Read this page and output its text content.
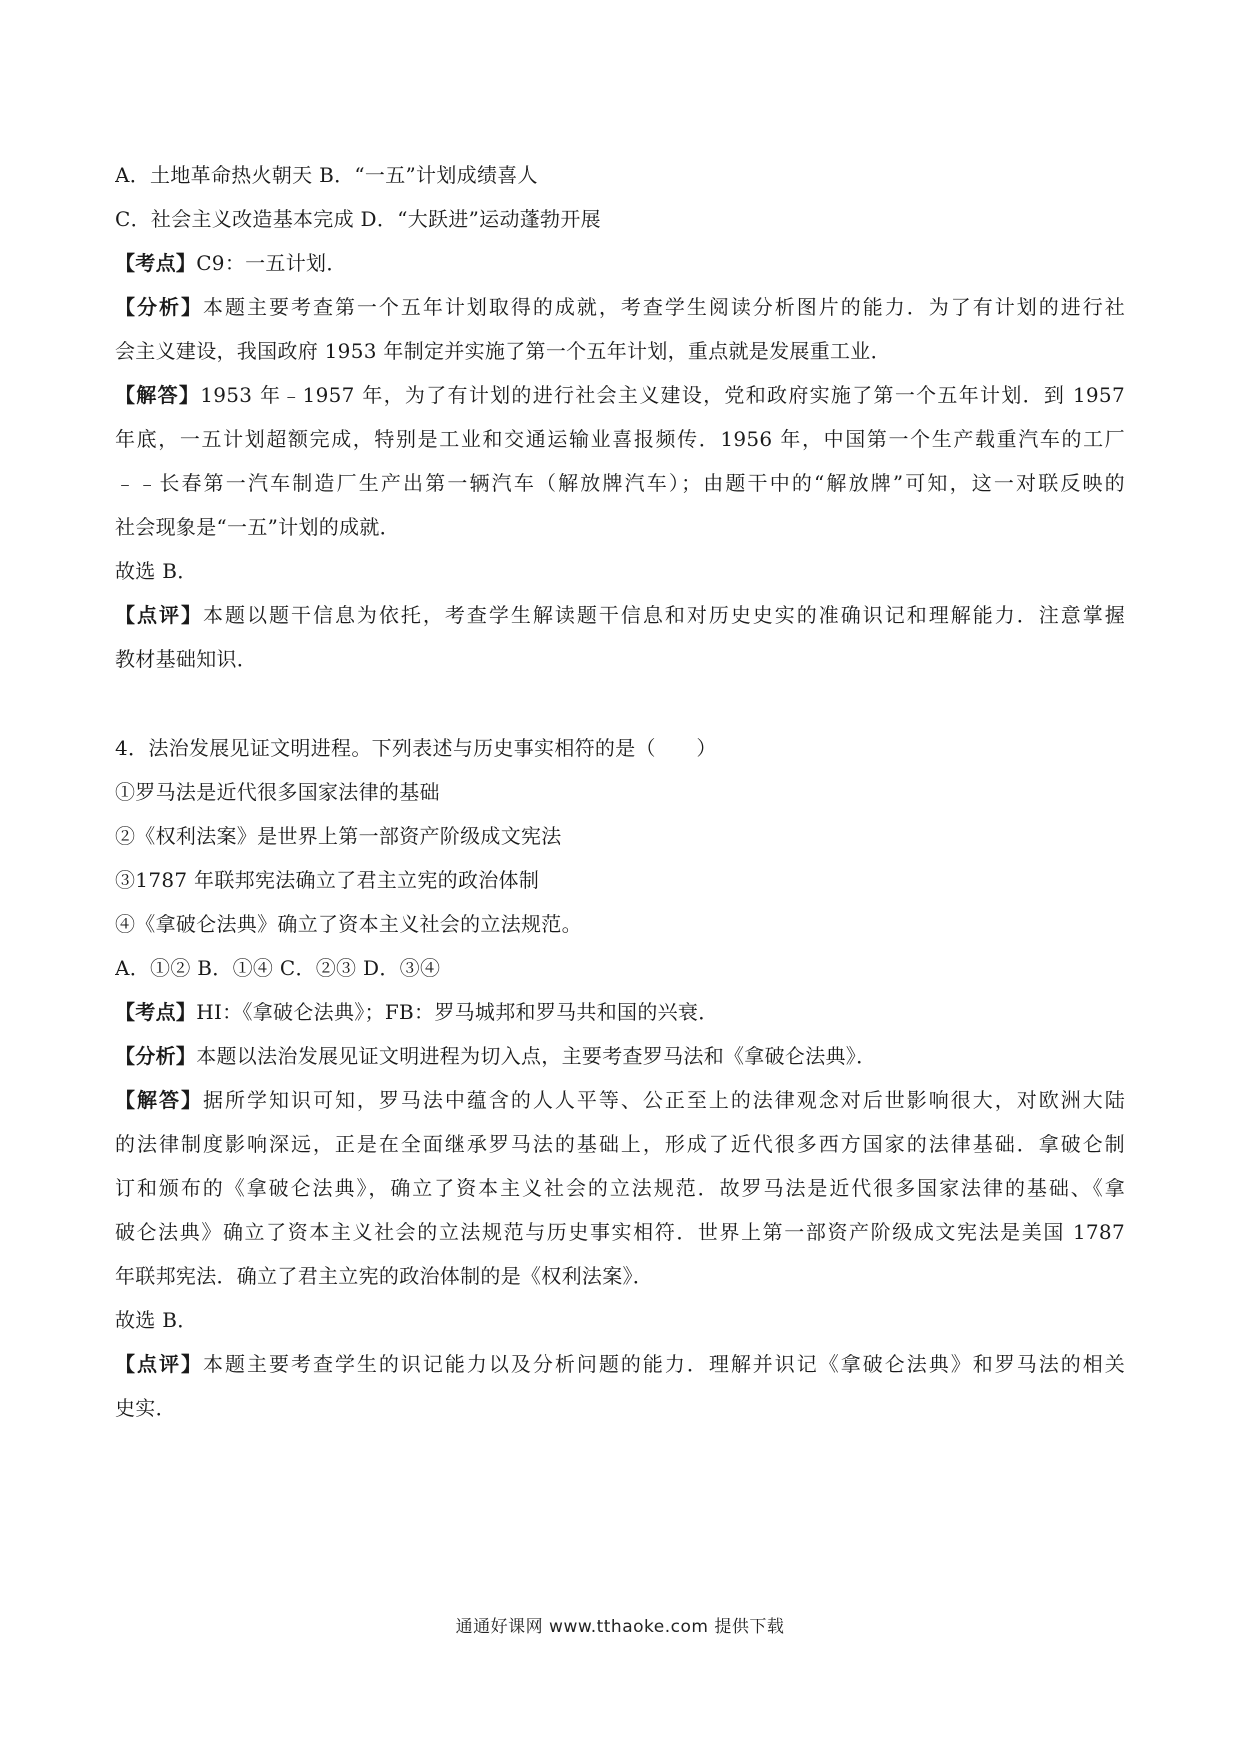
A．土地革命热火朝天 B．“一五”计划成绩喜人
C．社会主义改造基本完成 D．“大跃进”运动蓬勃开展
【考点】C9：一五计划．
【分析】本题主要考查第一个五年计划取得的成就，考查学生阅读分析图片的能力．为了有计划的进行社
会主义建设，我国政府 1953 年制定并实施了第一个五年计划，重点就是发展重工业．
【解答】1953 年﹣1957 年，为了有计划的进行社会主义建设，党和政府实施了第一个五年计划．到 1957
年底，一五计划超额完成，特别是工业和交通运输业喜报频传．1956 年，中国第一个生产载重汽车的工厂
﹣﹣长春第一汽车制造厂生产出第一辆汽车（解放牌汽车）；由题干中的“解放牌”可知，这一对联反映的
社会现象是“一五”计划的成就．
故选 B．
【点评】本题以题干信息为依托，考查学生解读题干信息和对历史史实的准确识记和理解能力．注意掌握
教材基础知识．
4．法治发展见证文明进程。下列表述与历史事实相符的是（　　）
①罗马法是近代很多国家法律的基础
②《权利法案》是世界上第一部资产阶级成文宪法
③1787 年联邦宪法确立了君主立宪的政治体制
④《拿破仑法典》确立了资本主义社会的立法规范。
A．①② B．①④ C．②③ D．③④
【考点】HI：《拿破仑法典》；FB：罗马城邦和罗马共和国的兴衰．
【分析】本题以法治发展见证文明进程为切入点，主要考查罗马法和《拿破仑法典》．
【解答】据所学知识可知，罗马法中蕴含的人人平等、公正至上的法律观念对后世影响很大，对欧洲大陆
的法律制度影响深远，正是在全面继承罗马法的基础上，形成了近代很多西方国家的法律基础．拿破仑制
订和颁布的《拿破仑法典》，确立了资本主义社会的立法规范．故罗马法是近代很多国家法律的基础、《拿
破仑法典》确立了资本主义社会的立法规范与历史事实相符．世界上第一部资产阶级成文宪法是美国 1787
年联邦宪法．确立了君主立宪的政治体制的是《权利法案》．
故选 B．
【点评】本题主要考查学生的识记能力以及分析问题的能力．理解并识记《拿破仑法典》和罗马法的相关
史实．
通通好课网 www.tthaoke.com 提供下载
